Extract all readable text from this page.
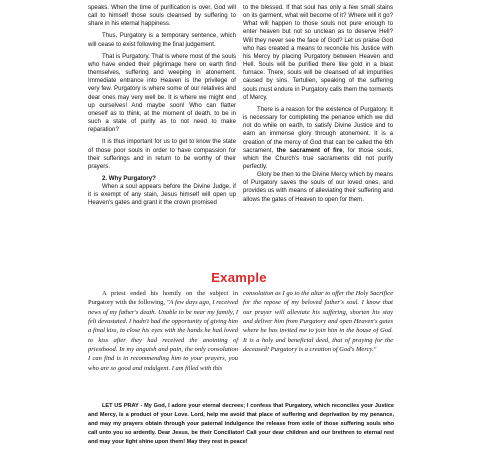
speaks. When the time of purification is over, God will call to himself those souls cleansed by suffering to share in his eternal happiness.

Thus, Purgatory is a temporary sentence, which will cease to exist following the final judgement.

That is Purgatory. That is where most of the souls who have ended their pilgrimage here on earth find themselves, suffering and weeping in atonement. Immediate entrance into Heaven is the privilege of very few. Purgatory is where some of our relatives and dear ones may very well be. It is where we might end up ourselves! And maybe soon! Who can flatter oneself as to think, at the moment of death, to be in such a state of purity as to not need to make reparation?

It is thus important for us to get to know the state of those poor souls in order to have compassion for their sufferings and in return to be worthy of their prayers.

2. Why Purgatory?

When a soul appears before the Divine Judge, if it is exempt of any stain, Jesus himself will open up Heaven's gates and grant it the crown promised

to the blessed. If that soul has only a few small stains on its garment, what will become of it? Where will it go? What will happen to those souls not pure enough to enter heaven but not so unclean as to deserve Hell? Will they never see the face of God? Let us praise God who has created a means to reconcile his Justice with his Mercy by placing Purgatory between Heaven and Hell. Souls will be purified there like gold in a blast furnace. There, souls will be cleansed of all impurities caused by sins. Tertulien, speaking of the suffering souls must endure in Purgatory calls them the torments of Mercy.

There is a reason for the existence of Purgatory. It is necessary for completing the penance which we did not do while on earth, to satisfy Divine Justice and to earn an immense glory through atonement. It is a creation of the mercy of God that can be called the 6th sacrament, the sacrament of fire, for those souls, which the Church's true sacraments did not purify perfectly.

Glory be then to the Divine Mercy which by means of Purgatory saves the souls of our loved ones, and provides us with means of alleviating their suffering and allows the gates of Heaven to open for them.

Example

A priest ended his homily on the subject in Purgatory with the following, "A few days ago, I received news of my father's death. Unable to be near my family, I felt devastated. I hadn't had the opportunity of giving him a final kiss, to close his eyes with the hands he had loved to kiss after they had received the anointing of priesthood. In my anguish and pain, the only consolation I can find is in recommending him to your prayers, you who are so good and indulgent. I am filled with this

consolation as I go to the altar to offer the Holy Sacrifice for the repose of my beloved father's soul. I know that our prayer will alleviate his suffering, shorten his stay and deliver him from Purgatory and open Heaven's gates where he has invited me to join him in the house of God. It is a holy and beneficial deed, that of praying for the deceased! Purgatory is a creation of God's Mercy."

LET US PRAY - My God, I adore your eternal decrees; I confess that Purgatory, which reconciles your Justice and Mercy, is a product of your Love. Lord, help me avoid that place of suffering and deprivation by my penance, and may my prayers obtain through your paternal indulgence the release from exile of those suffering souls who call unto you so ardently. Dear Jesus, be their Conciliator! Call your dear children and our brethren to eternal rest and may your light shine upon them! May they rest in peace!
